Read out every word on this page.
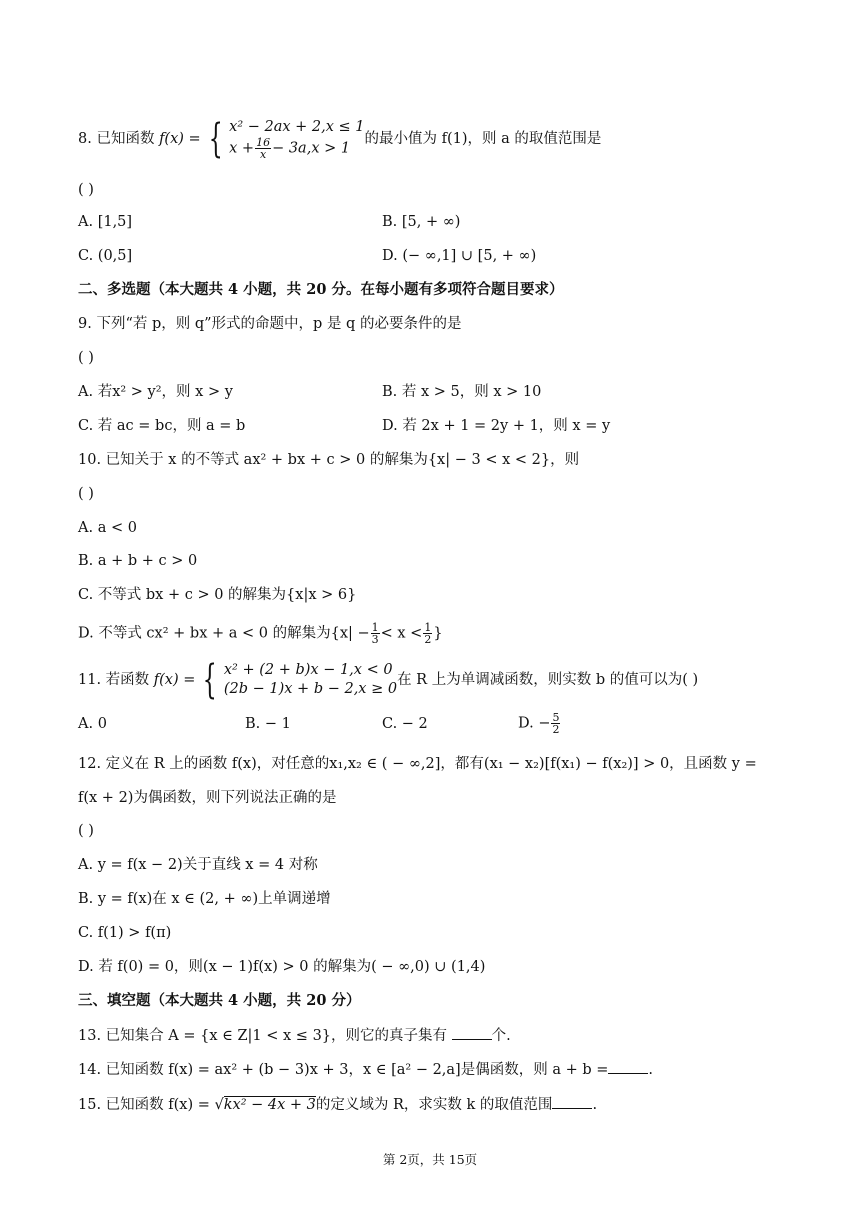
8. 已知函数 f(x) = { x² − 2ax + 2,x ≤ 1
$x + \frac{16}{x} - 3a,x > 1$
的最小值为 f(1)，则 a 的取值范围是
( )
A. [1,5]	B. [5, + ∞)
C. (0,5]	D. (− ∞,1] ∪ [5, + ∞)
二、多选题（本大题共 4 小题，共 20 分。在每小题有多项符合题目要求）
9. 下列“若 p，则 q”形式的命题中，p 是 q 的必要条件的是
( )
A. 若x² > y²，则 x > y	B. 若 x > 5，则 x > 10
C. 若 ac = bc，则 a = b	D. 若 2x + 1 = 2y + 1，则 x = y
10. 已知关于 x 的不等式 ax² + bx + c > 0 的解集为{x| − 3 < x < 2}，则
( )
A. a < 0
B. a + b + c > 0
C. 不等式 bx + c > 0 的解集为{x|x > 6}
D. 不等式 cx² + bx + a < 0 的解集为{$x| - \frac{1}{3} < x < \frac{1}{2}$ }
11. 若函数 f(x) = { x² + (2 + b)x − 1,x < 0
(2b − 1)x + b − 2,x ≥ 0
在 R 上为单调减函数，则实数 b 的值可以为( )
A. 0	B. − 1	C. − 2	D. − $\frac{5}{2}$
12. 定义在 R 上的函数 f(x)，对任意的x₁,x₂ ∈ ( − ∞,2]，都有(x₁ − x₂)[f(x₁) − f(x₂)] > 0，且函数 y =
f(x + 2)为偶函数，则下列说法正确的是
( )
A. y = f(x − 2)关于直线 x = 4 对称
B. y = f(x)在 x ∈ (2, + ∞)上单调递增
C. f(1) > f(π)
D. 若 f(0) = 0，则(x − 1)f(x) > 0 的解集为( − ∞,0) ∪ (1,4)
三、填空题（本大题共 4 小题，共 20 分）
13. 已知集合 A = {x ∈ Z|1 < x ≤ 3}，则它的真子集有	个.
14. 已知函数 f(x) = ax² + (b − 3)x + 3，x ∈ [a² − 2,a]是偶函数，则 a + b =	.
15. 已知函数 f(x) = √kx² − 4x + 3的定义域为 R，求实数 k 的取值范围	.
第 2页，共 15页
